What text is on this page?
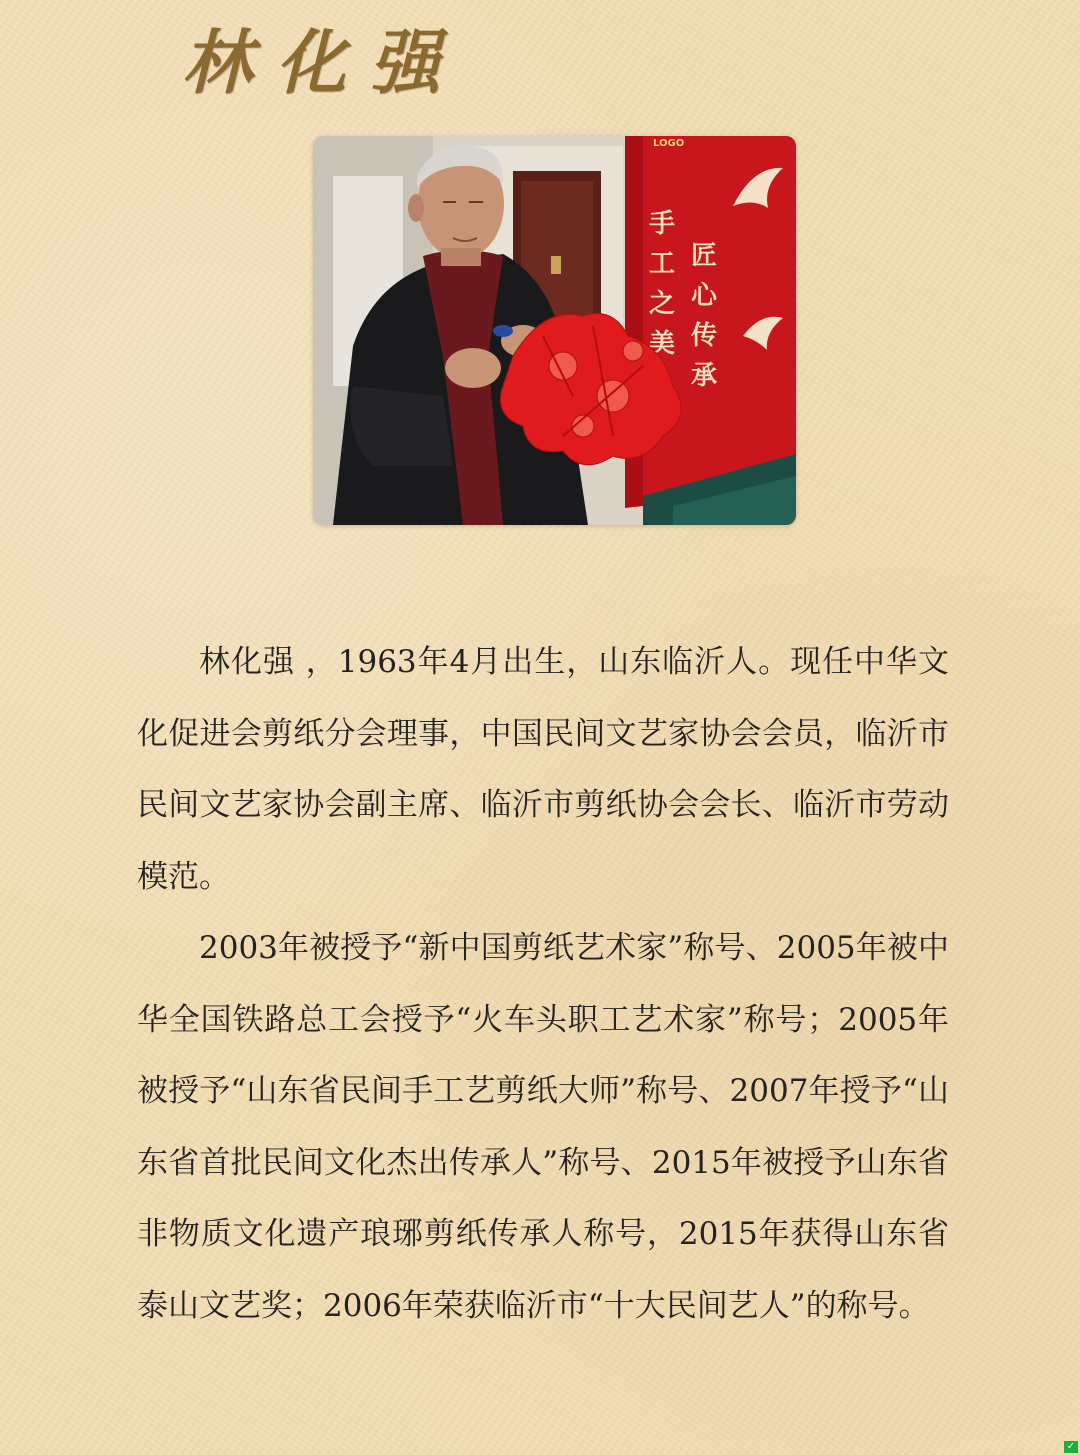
林化强
LOGO
手工之美
匠心传承

林化强 ，1963年4月出生，山东临沂人。现任中华文化促进会剪纸分会理事，中国民间文艺家协会会员，临沂市民间文艺家协会副主席、临沂市剪纸协会会长、临沂市劳动模范。

2003年被授予“新中国剪纸艺术家”称号、2005年被中华全国铁路总工会授予“火车头职工艺术家”称号；2005年被授予“山东省民间手工艺剪纸大师”称号、2007年授予“山东省首批民间文化杰出传承人”称号、2015年被授予山东省非物质文化遗产琅琊剪纸传承人称号，2015年获得山东省泰山文艺奖；2006年荣获临沂市“十大民间艺人”的称号。

✓
